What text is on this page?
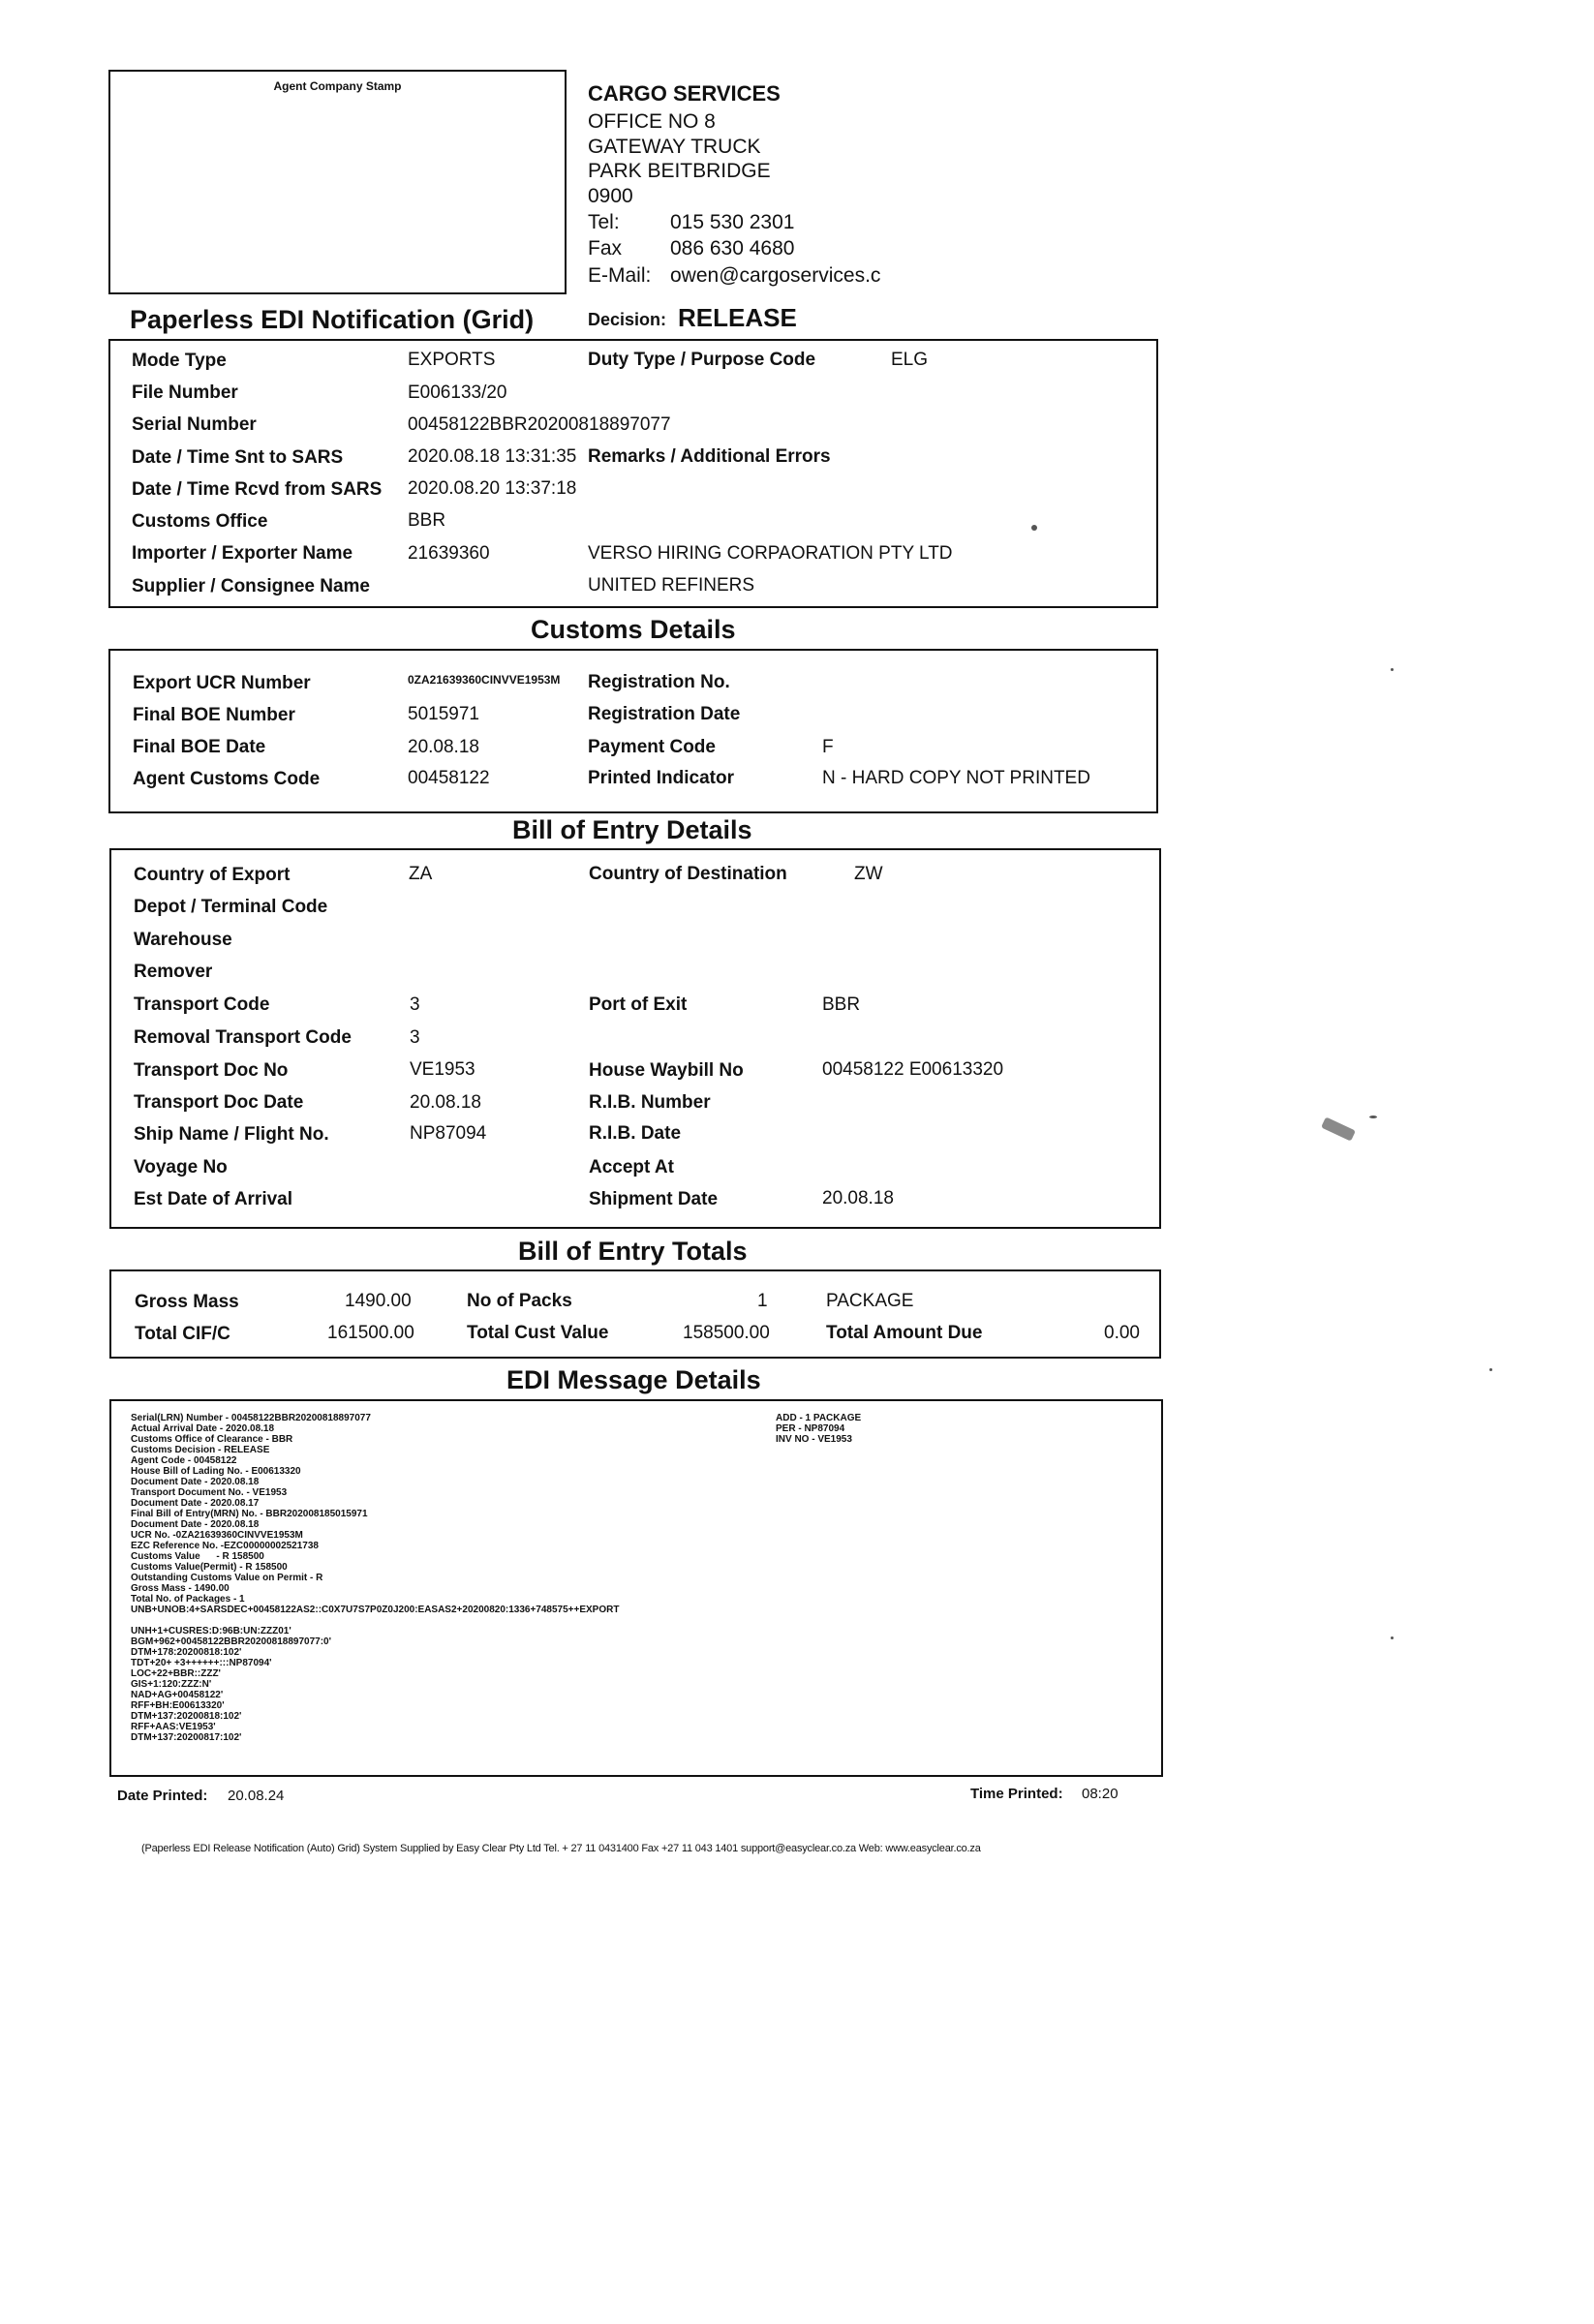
Agent Company Stamp	CARGO SERVICES
OFFICE NO 8
GATEWAY TRUCK
PARK BEITBRIDGE
0900
Tel: 015 530 2301
Fax 086 630 4680
E-Mail: owen@cargoservices.c
Paperless EDI Notification (Grid)	Decision: RELEASE
Mode Type	EXPORTS	Duty Type / Purpose Code	ELG
File Number	E006133/20
Serial Number	00458122BBR20200818897077
Date / Time Snt to SARS	2020.08.18 13:31:35 Remarks / Additional Errors
Date / Time Rcvd from SARS 2020.08.20 13:37:18
Customs Office	BBR
Importer / Exporter Name	21639360	VERSO HIRING CORPAORATION PTY LTD
Supplier / Consignee Name	UNITED REFINERS
Customs Details
Export UCR Number	0ZA21639360CINVVE1953M Registration No.
Final BOE Number	5015971	Registration Date
Final BOE Date	20.08.18	Payment Code	F
Agent Customs Code	00458122	Printed Indicator	N - HARD COPY NOT PRINTED
Bill of Entry Details
Country of Export	ZA	Country of Destination	ZW
Depot / Terminal Code
Warehouse
Remover
Transport Code	3	Port of Exit	BBR
Removal Transport Code	3
Transport Doc No	VE1953	House Waybill No	00458122 E00613320
Transport Doc Date	20.08.18	R.I.B. Number
Ship Name / Flight No.	NP87094	R.I.B. Date
Voyage No	Accept At
Est Date of Arrival	Shipment Date	20.08.18
Bill of Entry Totals
Gross Mass	1490.00	No of Packs	1	PACKAGE
Total CIF/C	161500.00	Total Cust Value	158500.00	Total Amount Due	0.00
EDI Message Details
Serial(LRN) Number - 00458122BBR20200818897077
Actual Arrival Date - 2020.08.18
Customs Office of Clearance - BBR
Customs Decision - RELEASE
Agent Code - 00458122
House Bill of Lading No. - E00613320
Document Date - 2020.08.18
Transport Document No. - VE1953
Document Date - 2020.08.17
Final Bill of Entry(MRN) No. - BBR202008185015971
Document Date - 2020.08.18
UCR No. -0ZA21639360CINVVE1953M
EZC Reference No. -EZC00000002521738
Customs Value      - R 158500
Customs Value(Permit) - R 158500
Outstanding Customs Value on Permit - R
Gross Mass - 1490.00
Total No. of Packages - 1
UNB+UNOB:4+SARSDEC+00458122AS2::C0X7U7S7P0Z0J200:EASAS2+20200820:1336+748575++EXPORT

UNH+1+CUSRES:D:96B:UN:ZZZ01'
BGM+962+00458122BBR20200818897077:0'
DTM+178:20200818:102'
TDT+20+ +3++++++:::NP87094'
LOC+22+BBR::ZZZ'
GIS+1:120:ZZZ:N'
NAD+AG+00458122'
RFF+BH:E00613320'
DTM+137:20200818:102'
RFF+AAS:VE1953'
DTM+137:20200817:102'
ADD - 1 PACKAGE
PER - NP87094
INV NO - VE1953
Date Printed: 20.08.24	Time Printed: 08:20
(Paperless EDI Release Notification (Auto) Grid) System Supplied by Easy Clear Pty Ltd Tel. + 27 11 0431400 Fax +27 11 043 1401 support@easyclear.co.za Web: www.easyclear.co.za
